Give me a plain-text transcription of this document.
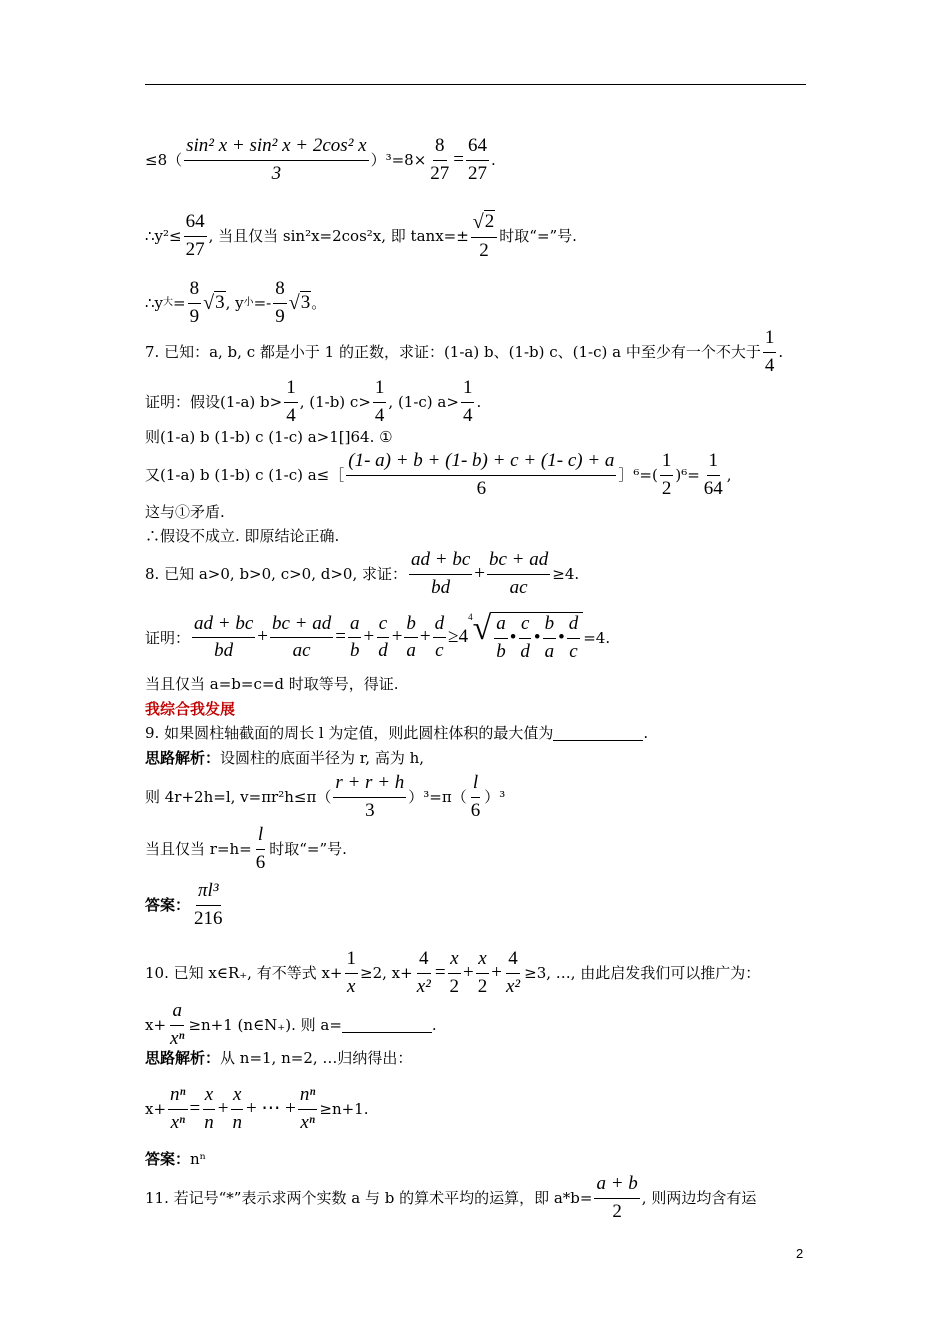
$\le 8( \frac{\text{sin² x + sin² x + 2cos² x}}{3} )^3=8\times \frac{8}{27} = \frac{64}{27}$ .
∴y²≤ $\frac{64}{27}$ , 当且仅当 sin²x=2cos²x, 即 $\tan x=\pm \frac{√ 2}{2}$ 时取“=”号.
∴y 大 = $\frac{8}{9}$ √ 3 , y 小 =- $\frac{8}{9}$ √ 3 。
7. 已知：a, b, c 都是小于 1 的正数，求证：(1-a) b、(1-b) c、(1-c) a 中至少有一个不大于 $\frac{1}{4}$ .
证明：假设(1-a) $b> \frac{1}{4}$ , (1-b) $c> \frac{1}{4}$ , (1-c) $a> \frac{1}{4}$ .
则(1-a) b (1-b) c (1-c) a>1[]64. ①
又(1-a) b (1-b) c (1-c) a≤［ $\frac{(1- a) + b + (1- b) + c + (1- c) + a}{6}$ ］⁶=( $\frac{1}{2} )^6= \frac{1}{64}$ ,
这与①矛盾.
∴假设不成立. 即原结论正确.
8. 已知 a>0, b>0, c>0, d>0, 求证： $\frac{ad + bc}{bd} + \frac{bc + ad}{ac} \ge 4$.
证明： $\frac{ad + bc}{bd} + \frac{bc + ad}{ac} = \frac{a}{b} + \frac{c}{d} + \frac{b}{a} + \frac{d}{c} \ge 4$
4 √ $\frac{a}{b}$ • $\frac{c}{d}$ • $\frac{b}{a}$ • $\frac{d}{c} =4$.
当且仅当 a=b=c=d 时取等号，得证.
我综合我发展
9. 如果圆柱轴截面的周长 l 为定值，则此圆柱体积的最大值为	.
思路解析： 设圆柱的底面半径为 r, 高为 h,
则 4r+2h=l, $v=\pi r^2h\le\pi( \frac{r + r + h}{3} )^3=\pi( \frac{l}{6} )^3$
当且仅当 $r=h= \frac{l}{6}$ 时取“=”号.
答案： $\frac{\text{πl³}}{216}$
10. 已知 x∈R₊, 有不等式 $x+ \frac{1}{x} \ge 2$, $x+ \frac{4}{\text{x²}} = \frac{x}{2} + \frac{x}{2} + \frac{4}{\text{x²}} \ge 3$, …, 由此启发我们可以推广为：
$x+ \frac{a}{\text{xⁿ}} \ge n+1$ (n∈N₊). 则 a=	.
思路解析： 从 n=1, n=2, …归纳得出：
$x+ \frac{\text{nⁿ}}{\text{xⁿ}} = \frac{x}{n} + \frac{x}{n}$ + ⋯ + $\frac{\text{nⁿ}}{\text{xⁿ}} \ge n+1$.
答案： nⁿ
11. 若记号“*”表示求两个实数 a 与 b 的算术平均的运算，即 $a*b= \frac{a + b}{2}$ , 则两边均含有运
2
